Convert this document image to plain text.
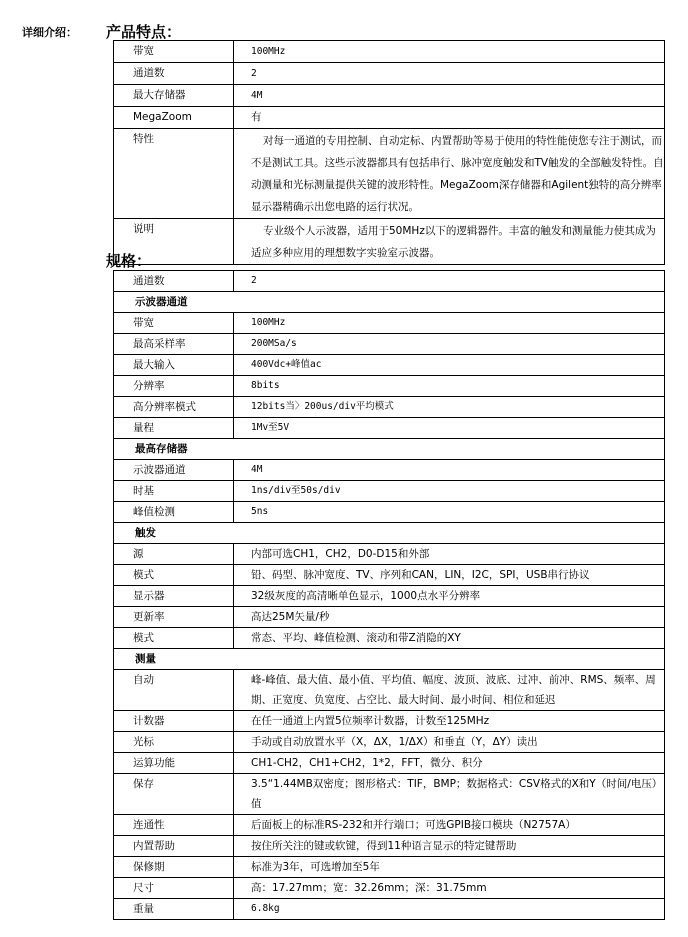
详细介绍： 产品特点：
带宽	100MHz
通道数	2
最大存储器	4M
MegaZoom	有
特性	对每一通道的专用控制、自动定标、内置帮助等易于使用的特性能使您专注于测试，而不是测试工具。这些示波器都具有包括串行、脉冲宽度触发和TV触发的全部触发特性。自动测量和光标测量提供关键的波形特性。MegaZoom深存储器和Agilent独特的高分辨率显示器精确示出您电路的运行状况。
说明	专业级个人示波器，适用于50MHz以下的逻辑器件。丰富的触发和测量能力使其成为适应多种应用的理想数字实验室示波器。
规格：
通道数	2
示波器通道	
带宽	100MHz
最高采样率	200MSa/s
最大输入	400Vdc+峰值ac
分辨率	8bits
高分辨率模式	12bits当〉200us/div平均模式
量程	1Mv至5V
最高存储器	
示波器通道	4M
时基	1ns/div至50s/div
峰值检测	5ns
触发	
源	内部可选CH1，CH2，D0-D15和外部
模式	铅、码型、脉冲宽度、TV、序列和CAN，LIN，I2C，SPI，USB串行协议
显示器	32级灰度的高清晰单色显示，1000点水平分辨率
更新率	高达25M矢量/秒
模式	常态、平均、峰值检测、滚动和带Z消隐的XY
测量	
自动	峰-峰值、最大值、最小值、平均值、幅度、波顶、波底、过冲、前冲、RMS、频率、周期、正宽度、负宽度、占空比、最大时间、最小时间、相位和延迟
计数器	在任一通道上内置5位频率计数器，计数至125MHz
光标	手动或自动放置水平（X，ΔX，1/ΔX）和垂直（Y，ΔY）读出
运算功能	CH1-CH2，CH1+CH2，1*2，FFT，微分、积分
保存	3.5“1.44MB双密度；图形格式：TIF，BMP；数据格式：CSV格式的X和Y（时间/电压）值
连通性	后面板上的标准RS-232和并行端口；可选GPIB接口模块（N2757A）
内置帮助	按住所关注的键或软键，得到11种语言显示的特定键帮助
保修期	标准为3年，可选增加至5年
尺寸	高：17.27mm；宽：32.26mm；深：31.75mm
重量	6.8kg
